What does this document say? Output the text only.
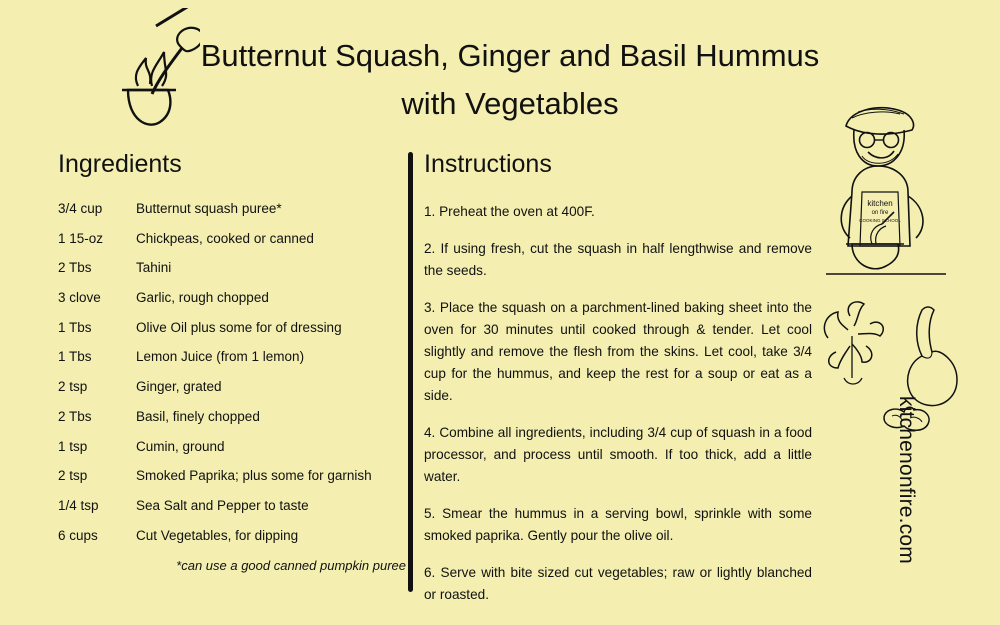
Butternut Squash, Ginger and Basil Hummus with Vegetables
Ingredients
3/4 cup	Butternut squash puree*
1 15-oz	Chickpeas, cooked or canned
2 Tbs	Tahini
3 clove	Garlic, rough chopped
1 Tbs	Olive Oil plus some for of dressing
1 Tbs	Lemon Juice (from 1 lemon)
2 tsp	Ginger, grated
2 Tbs	Basil, finely chopped
1 tsp	Cumin, ground
2 tsp	Smoked Paprika; plus some for garnish
1/4 tsp	Sea Salt and Pepper to taste
6 cups	Cut Vegetables, for dipping
*can use a good canned pumpkin puree
Instructions
1. Preheat the oven at 400F.
2. If using fresh, cut the squash in half lengthwise and remove the seeds.
3. Place the squash on a parchment-lined baking sheet into the oven for 30 minutes until cooked through & tender. Let cool slightly and remove the flesh from the skins. Let cool, take 3/4 cup for the hummus, and keep the rest for a soup or eat as a side.
4. Combine all ingredients, including 3/4 cup of squash in a food processor, and process until smooth. If too thick, add a little water.
5. Smear the hummus in a serving bowl, sprinkle with some smoked paprika. Gently pour the olive oil.
6. Serve with bite sized cut vegetables; raw or lightly blanched or roasted.
kitchen
on fire
COOKING SCHOOL
kitchenonfire.com
